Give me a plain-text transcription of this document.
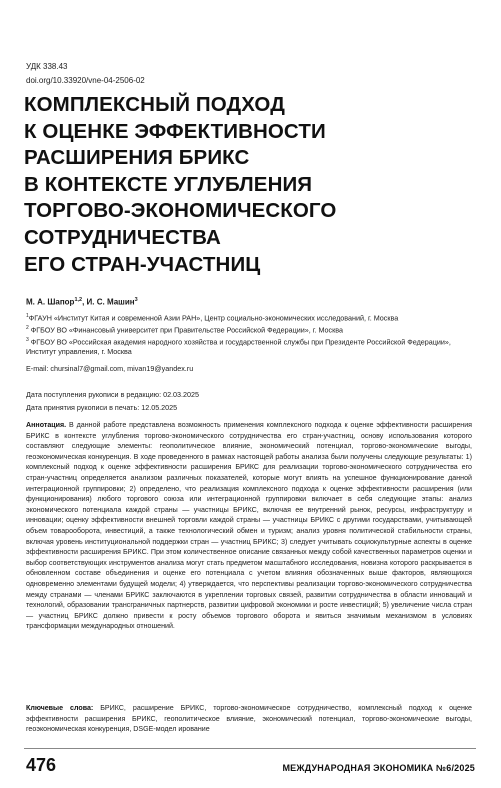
УДК 338.43
doi.org/10.33920/vne-04-2506-02
КОМПЛЕКСНЫЙ ПОДХОД
К ОЦЕНКЕ ЭФФЕКТИВНОСТИ
РАСШИРЕНИЯ БРИКС
В КОНТЕКСТЕ УГЛУБЛЕНИЯ
ТОРГОВО-ЭКОНОМИЧЕСКОГО
СОТРУДНИЧЕСТВА
ЕГО СТРАН-УЧАСТНИЦ
М. А. Шапор$^{1,2}$, И. С. Машин$^3$
$^1$ФГАУН «Институт Китая и современной Азии РАН», Центр социально-экономических исследований, г. Москва
$^2$ ФГБОУ ВО «Финансовый университет при Правительстве Российской Федерации», г. Москва
$^3$ ФГБОУ ВО «Российская академия народного хозяйства и государственной службы при Президенте Российской Федерации», Институт управления, г. Москва
E-mail: chursinal7@gmail.com, mivan19@yandex.ru
Дата поступления рукописи в редакцию: 02.03.2025
Дата принятия рукописи в печать: 12.05.2025
Аннотация. В данной работе представлена возможность применения комплексного подхода к оценке эффективности расширения БРИКС в контексте углубления торгово-экономического сотрудничества его стран-участниц, основу использования которого составляют следующие элементы: геополитическое влияние, экономический потенциал, торгово-экономические выгоды, геоэкономическая конкуренция. В ходе проведенного в рамках настоящей работы анализа были получены следующие результаты: 1) комплексный подход к оценке эффективности расширения БРИКС для реализации торгово-экономического сотрудничества его стран-участниц определяется анализом различных показателей, которые могут влиять на успешное функционирование данной интеграционной группировки; 2) определено, что реализация комплексного подхода к оценке эффективности расширения (или функционирования) любого торгового союза или интеграционной группировки включает в себя следующие этапы: анализ экономического потенциала каждой страны — участницы БРИКС, включая ее внутренний рынок, ресурсы, инфраструктуру и инновации; оценку эффективности внешней торговли каждой страны — участницы БРИКС с другими государствами, учитывающей объем товарооборота, инвестиций, а также технологический обмен и туризм; анализ уровня политической стабильности страны, включая уровень институциональной поддержки стран — участниц БРИКС; 3) следует учитывать социокультурные аспекты в оценке эффективности расширения БРИКС. При этом количественное описание связанных между собой качественных параметров оценки и выбор соответствующих инструментов анализа могут стать предметом масштабного исследования, новизна которого раскрывается в обновленном составе объединения и оценке его потенциала с учетом влияния обозначенных выше факторов, являющихся одновременно элементами будущей модели; 4) утверждается, что перспективы реализации торгово-экономического сотрудничества между странами — членами БРИКС заключаются в укреплении торговых связей, развитии сотрудничества в области инноваций и технологий, образовании трансграничных партнерств, развитии цифровой экономики и росте инвестиций; 5) увеличение числа стран — участниц БРИКС должно привести к росту объемов торгового оборота и явиться значимым механизмом в условиях трансформации международных отношений.
Ключевые слова: БРИКС, расширение БРИКС, торгово-экономическое сотрудничество, комплексный подход к оценке эффективности расширения БРИКС, геополитическое влияние, экономический потенциал, торгово-экономические выгоды, геоэкономическая конкуренция, DSGE-модел ирование
476	МЕЖДУНАРОДНАЯ ЭКОНОМИКА №6/2025
